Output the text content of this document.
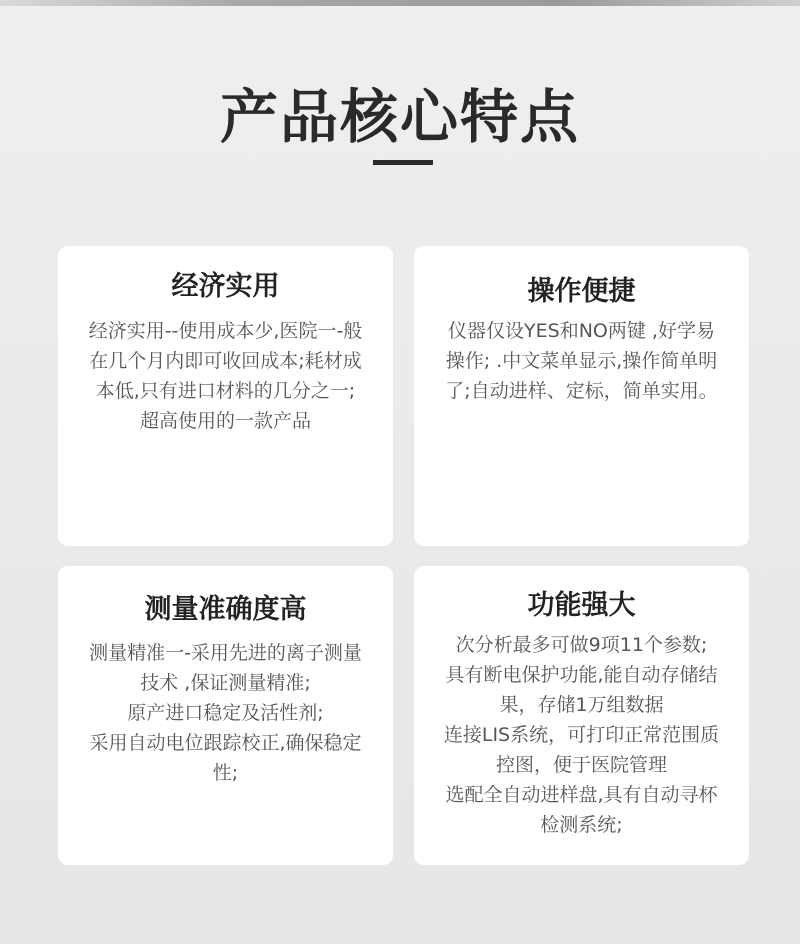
产品核心特点
经济实用
经济实用--使用成本少,医院一-般
在几个月内即可收回成本;耗材成
本低,只有进口材料的几分之一;
超高使用的一款产品
操作便捷
仪器仅设YES和NO两键 ,好学易
操作; .中文菜单显示,操作简单明
了;自动进样、定标，简单实用。
测量准确度高
测量精准一-采用先进的离子测量
技术 ,保证测量精准;
原产进口稳定及活性剂;
采用自动电位跟踪校正,确保稳定
性;
功能强大
次分析最多可做9项11个参数;
具有断电保护功能,能自动存储结
果，存储1万组数据
连接LIS系统，可打印正常范围质
控图，便于医院管理
选配全自动进样盘,具有自动寻杯
检测系统;
